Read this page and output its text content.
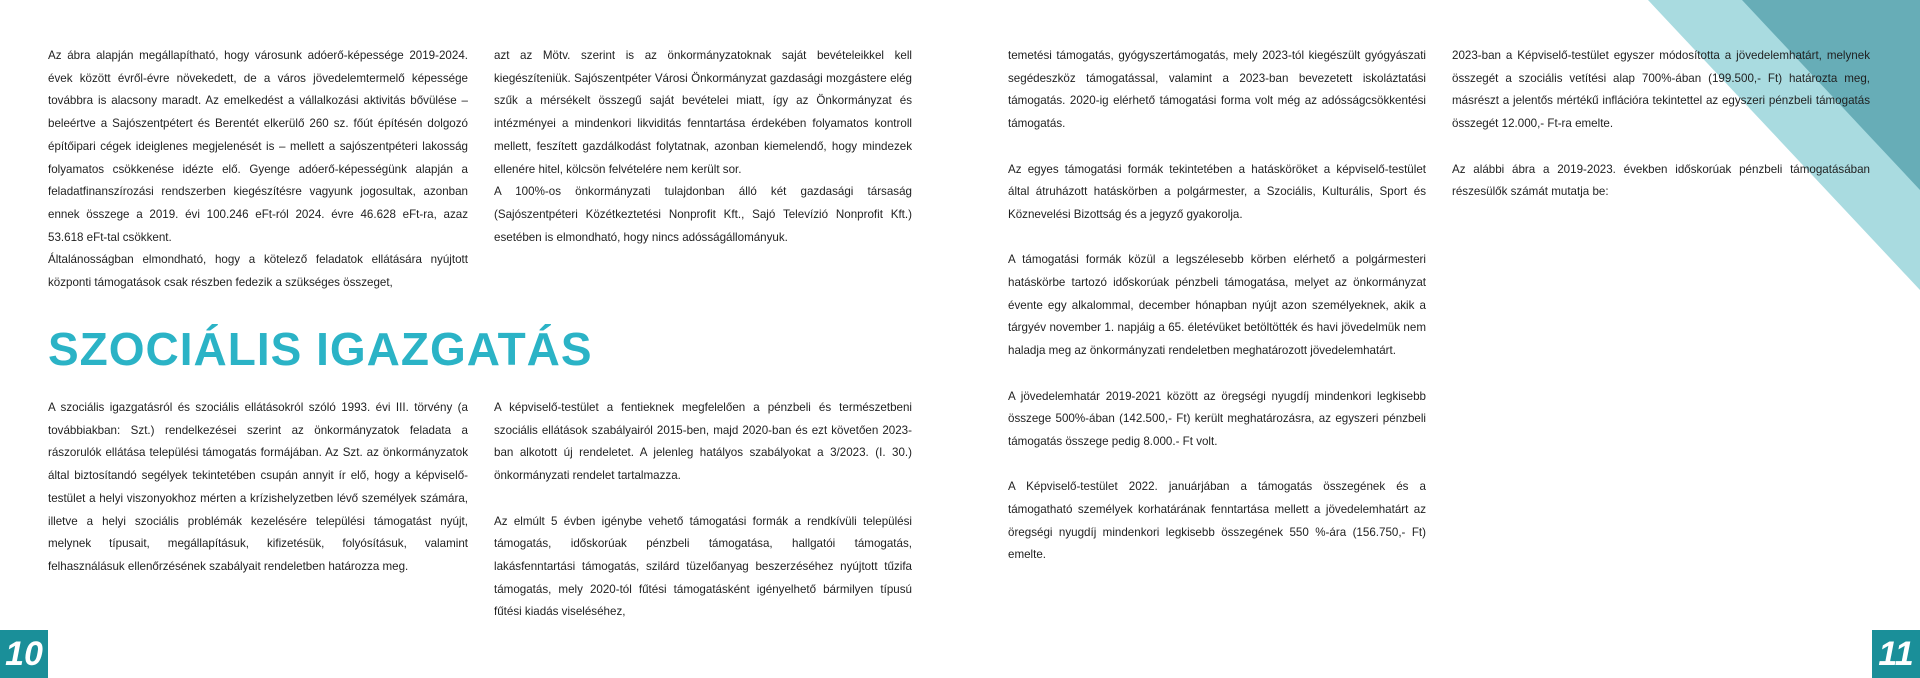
Az ábra alapján megállapítható, hogy városunk adóerő-képessége 2019-2024. évek között évről-évre növekedett, de a város jövedelemtermelő képessége továbbra is alacsony maradt. Az emelkedést a vállalkozási aktivitás bővülése – beleértve a Sajószentpétert és Berentét elkerülő 260 sz. főút építésén dolgozó építőipari cégek ideiglenes megjelenését is – mellett a sajószentpéteri lakosság folyamatos csökkenése idézte elő. Gyenge adóerő-képességünk alapján a feladatfinanszírozási rendszerben kiegészítésre vagyunk jogosultak, azonban ennek összege a 2019. évi 100.246 eFt-ról 2024. évre 46.628 eFt-ra, azaz 53.618 eFt-tal csökkent.

Általánosságban elmondható, hogy a kötelező feladatok ellátására nyújtott központi támogatások csak részben fedezik a szükséges összeget,

azt az Mötv. szerint is az önkormányzatoknak saját bevételeikkel kell kiegészíteniük. Sajószentpéter Városi Önkormányzat gazdasági mozgástere elég szűk a mérsékelt összegű saját bevételei miatt, így az Önkormányzat és intézményei a mindenkori likviditás fenntartása érdekében folyamatos kontroll mellett, feszített gazdálkodást folytatnak, azonban kiemelendő, hogy mindezek ellenére hitel, kölcsön felvételére nem került sor.

A 100%-os önkormányzati tulajdonban álló két gazdasági társaság (Sajószentpéteri Közétkeztetési Nonprofit Kft., Sajó Televízió Nonprofit Kft.) esetében is elmondható, hogy nincs adósságállományuk.

SZOCIÁLIS IGAZGATÁS

A szociális igazgatásról és szociális ellátásokról szóló 1993. évi III. törvény (a továbbiakban: Szt.) rendelkezései szerint az önkormányzatok feladata a rászorulók ellátása települési támogatás formájában. Az Szt. az önkormányzatok által biztosítandó segélyek tekintetében csupán annyit ír elő, hogy a képviselő-testület a helyi viszonyokhoz mérten a krízishelyzetben lévő személyek számára, illetve a helyi szociális problémák kezelésére települési támogatást nyújt, melynek típusait, megállapításuk, kifizetésük, folyósításuk, valamint felhasználásuk ellenőrzésének szabályait rendeletben határozza meg.

A képviselő-testület a fentieknek megfelelően a pénzbeli és természetbeni szociális ellátások szabályairól 2015-ben, majd 2020-ban és ezt követően 2023-ban alkotott új rendeletet. A jelenleg hatályos szabályokat a 3/2023. (I. 30.) önkormányzati rendelet tartalmazza.

Az elmúlt 5 évben igénybe vehető támogatási formák a rendkívüli települési támogatás, időskorúak pénzbeli támogatása, hallgatói támogatás, lakásfenntartási támogatás, szilárd tüzelőanyag beszerzéséhez nyújtott tűzifa támogatás, mely 2020-tól fűtési támogatásként igényelhető bármilyen típusú fűtési kiadás viseléséhez,

10

temetési támogatás, gyógyszertámogatás, mely 2023-tól kiegészült gyógyászati segédeszköz támogatással, valamint a 2023-ban bevezetett iskoláztatási támogatás. 2020-ig elérhető támogatási forma volt még az adósságcsökkentési támogatás.

Az egyes támogatási formák tekintetében a hatásköröket a képviselő-testület által átruházott hatáskörben a polgármester, a Szociális, Kulturális, Sport és Köznevelési Bizottság és a jegyző gyakorolja.

A támogatási formák közül a legszélesebb körben elérhető a polgármesteri hatáskörbe tartozó időskorúak pénzbeli támogatása, melyet az önkormányzat évente egy alkalommal, december hónapban nyújt azon személyeknek, akik a tárgyév november 1. napjáig a 65. életévüket betöltötték és havi jövedelmük nem haladja meg az önkormányzati rendeletben meghatározott jövedelemhatárt.

A jövedelemhatár 2019-2021 között az öregségi nyugdíj mindenkori legkisebb összege 500%-ában (142.500,- Ft) került meghatározásra, az egyszeri pénzbeli támogatás összege pedig 8.000.- Ft volt.

A Képviselő-testület 2022. januárjában a támogatás összegének és a támogatható személyek korhatárának fenntartása mellett a jövedelemhatárt az öregségi nyugdíj mindenkori legkisebb összegének 550 %-ára (156.750,- Ft) emelte.

2023-ban a Képviselő-testület egyszer módosította a jövedelemhatárt, melynek összegét a szociális vetítési alap 700%-ában (199.500,- Ft) határozta meg, másrészt a jelentős mértékű inflációra tekintettel az egyszeri pénzbeli támogatás összegét 12.000,- Ft-ra emelte.

Az alábbi ábra a 2019-2023. években időskorúak pénzbeli támogatásában részesülők számát mutatja be:

11
